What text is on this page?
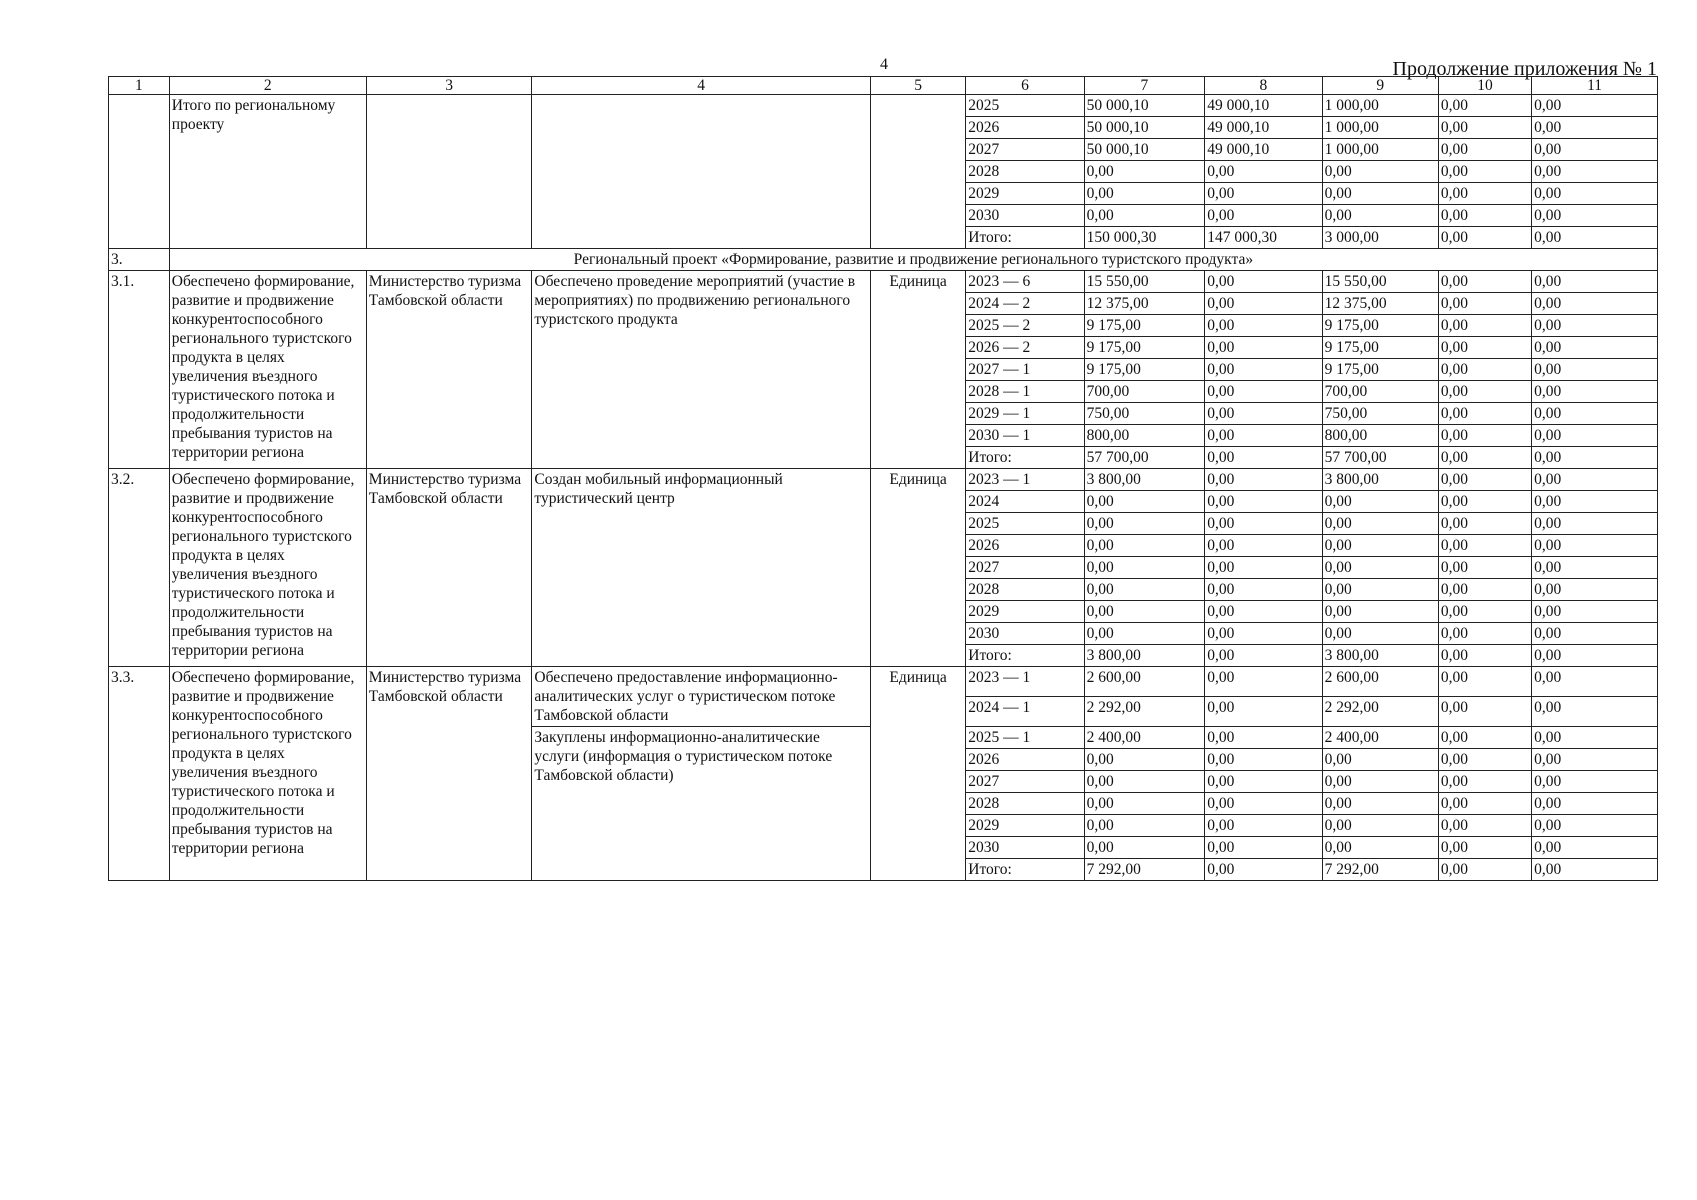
4	Продолжение приложения № 1
1	2	3	4	5	6	7	8	9	10	11
	Итого по региональному проекту				2025	50 000,10	49 000,10	1 000,00	0,00	0,00
					2026	50 000,10	49 000,10	1 000,00	0,00	0,00
					2027	50 000,10	49 000,10	1 000,00	0,00	0,00
					2028	0,00	0,00	0,00	0,00	0,00
					2029	0,00	0,00	0,00	0,00	0,00
					2030	0,00	0,00	0,00	0,00	0,00
					Итого:	150 000,30	147 000,30	3 000,00	0,00	0,00
3.	Региональный проект «Формирование, развитие и продвижение регионального туристского продукта»									
3.1.	Обеспечено формирование, развитие и продвижение конкурентоспособного регионального туристского продукта в целях увеличения въездного туристического потока и продолжительности пребывания туристов на территории региона	Министерство туризма Тамбовской области	Обеспечено проведение мероприятий (участие в мероприятиях) по продвижению регионального туристского продукта	Единица	2023 — 6	15 550,00	0,00	15 550,00	0,00	0,00
					2024 — 2	12 375,00	0,00	12 375,00	0,00	0,00
					2025 — 2	9 175,00	0,00	9 175,00	0,00	0,00
					2026 — 2	9 175,00	0,00	9 175,00	0,00	0,00
					2027 — 1	9 175,00	0,00	9 175,00	0,00	0,00
					2028 — 1	700,00	0,00	700,00	0,00	0,00
					2029 — 1	750,00	0,00	750,00	0,00	0,00
					2030 — 1	800,00	0,00	800,00	0,00	0,00
					Итого:	57 700,00	0,00	57 700,00	0,00	0,00
3.2.	Обеспечено формирование, развитие и продвижение конкурентоспособного регионального туристского продукта в целях увеличения въездного туристического потока и продолжительности пребывания туристов на территории региона	Министерство туризма Тамбовской области	Создан мобильный информационный туристический центр	Единица	2023 — 1	3 800,00	0,00	3 800,00	0,00	0,00
					2024	0,00	0,00	0,00	0,00	0,00
					2025	0,00	0,00	0,00	0,00	0,00
					2026	0,00	0,00	0,00	0,00	0,00
					2027	0,00	0,00	0,00	0,00	0,00
					2028	0,00	0,00	0,00	0,00	0,00
					2029	0,00	0,00	0,00	0,00	0,00
					2030	0,00	0,00	0,00	0,00	0,00
					Итого:	3 800,00	0,00	3 800,00	0,00	0,00
3.3.	Обеспечено формирование, развитие и продвижение конкурентоспособного регионального туристского продукта в целях увеличения въездного туристического потока и продолжительности пребывания туристов на территории региона	Министерство туризма Тамбовской области	Обеспечено предоставление информационно-аналитических услуг о туристическом потоке Тамбовской области	Единица	2023 — 1	2 600,00	0,00	2 600,00	0,00	0,00
					2024 — 1	2 292,00	0,00	2 292,00	0,00	0,00
			Закуплены информационно-аналитические услуги (информация о туристическом потоке Тамбовской области)		2025 — 1	2 400,00	0,00	2 400,00	0,00	0,00
					2026	0,00	0,00	0,00	0,00	0,00
					2027	0,00	0,00	0,00	0,00	0,00
					2028	0,00	0,00	0,00	0,00	0,00
					2029	0,00	0,00	0,00	0,00	0,00
					2030	0,00	0,00	0,00	0,00	0,00
					Итого:	7 292,00	0,00	7 292,00	0,00	0,00
